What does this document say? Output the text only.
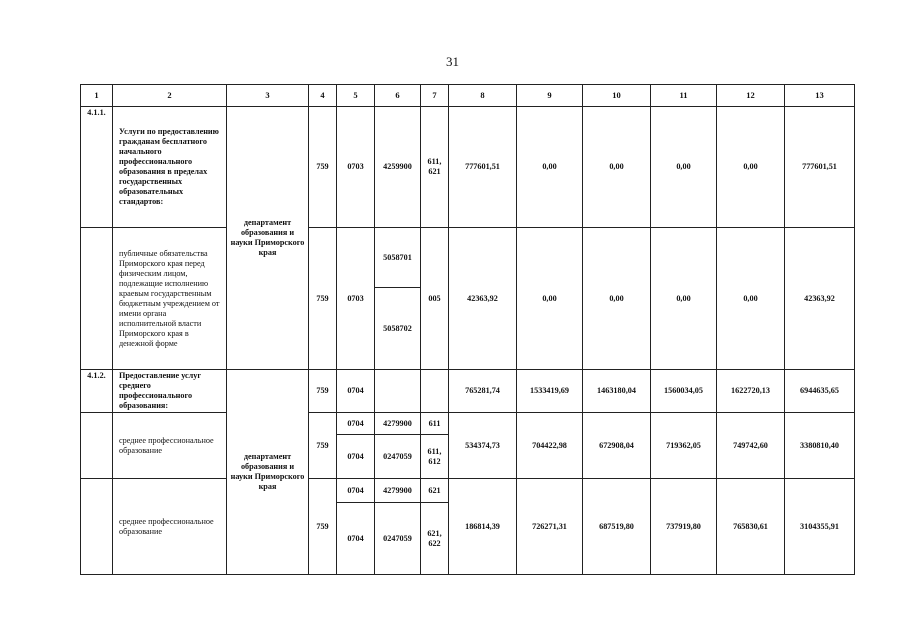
31
1	2	3	4	5	6	7	8	9	10	11	12	13
4.1.1.	Услуги по предоставлению гражданам бесплатного начального профессионального образования в пределах государственных образовательных стандартов:	департамент образования и науки Приморского края	759	0703	4259900	611, 621	777601,51	0,00	0,00	0,00	0,00	777601,51
	публичные обязательства Приморского края перед физическим лицом, подлежащие исполнению краевым государственным бюджетным учреждением от имени органа исполнительной власти Приморского края в денежной форме		759	0703	5058701	005	42363,92	0,00	0,00	0,00	0,00	42363,92
					5058702							
4.1.2.	Предоставление услуг среднего профессионального образования:	департамент образования и науки Приморского края	759	0704			765281,74	1533419,69	1463180,04	1560034,05	1622720,13	6944635,65
	среднее профессиональное образование		759	0704	4279900	611	534374,73	704422,98	672908,04	719362,05	749742,60	3380810,40
				0704	0247059	611, 612						
	среднее профессиональное образование		759	0704	4279900	621	186814,39	726271,31	687519,80	737919,80	765830,61	3104355,91
				0704	0247059	621, 622						
